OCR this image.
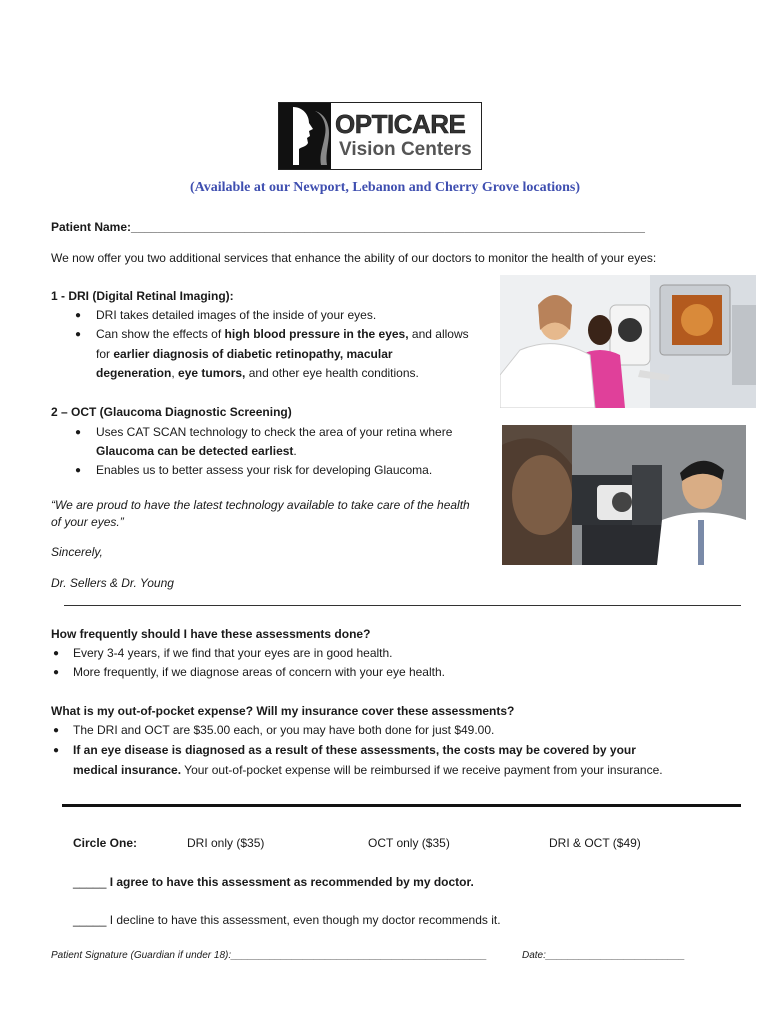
OPTICARE
Vision Centers
(Available at our Newport, Lebanon and Cherry Grove locations)
Patient Name:_____________________________________________________________________________
We now offer you two additional services that enhance the ability of our doctors to monitor the health of your eyes:
1 - DRI (Digital Retinal Imaging):
● DRI takes detailed images of the inside of your eyes.
● Can show the effects of high blood pressure in the eyes, and allows
for earlier diagnosis of diabetic retinopathy, macular
degeneration, eye tumors, and other eye health conditions.
2 – OCT (Glaucoma Diagnostic Screening)
● Uses CAT SCAN technology to check the area of your retina where
Glaucoma can be detected earliest.
● Enables us to better assess your risk for developing Glaucoma.
“We are proud to have the latest technology available to take care of the health
of your eyes.”
Sincerely,
Dr. Sellers & Dr. Young
How frequently should I have these assessments done?
● Every 3-4 years, if we find that your eyes are in good health.
● More frequently, if we diagnose areas of concern with your eye health.
What is my out-of-pocket expense? Will my insurance cover these assessments?
● The DRI and OCT are $35.00 each, or you may have both done for just $49.00.
● If an eye disease is diagnosed as a result of these assessments, the costs may be covered by your
medical insurance. Your out-of-pocket expense will be reimbursed if we receive payment from your insurance.
Circle One:	DRI only ($35)	OCT only ($35)	DRI & OCT ($49)
_____ I agree to have this assessment as recommended by my doctor.
_____ I decline to have this assessment, even though my doctor recommends it.
Patient Signature (Guardian if under 18):______________________________________________	Date:_________________________
